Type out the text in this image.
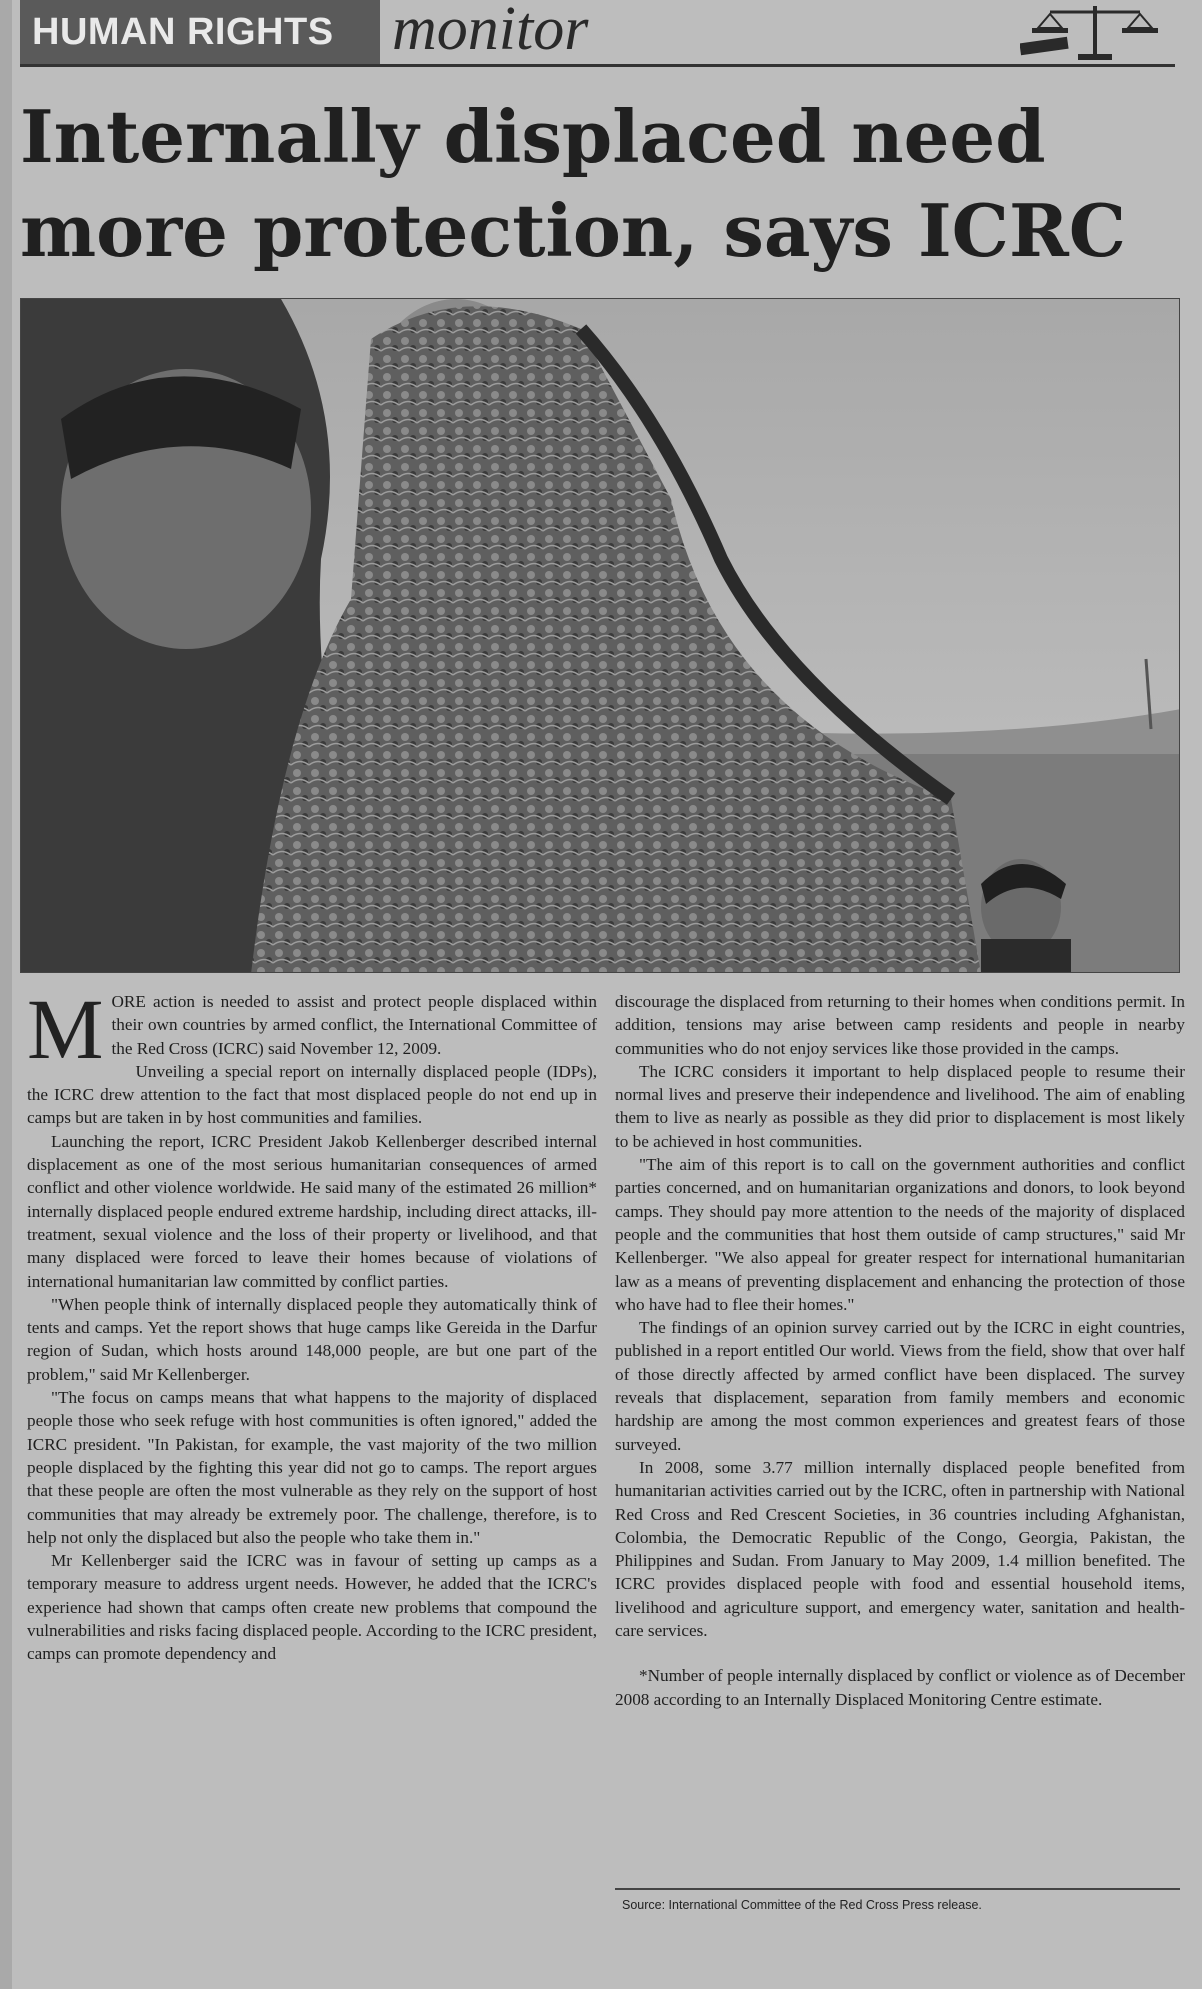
HUMAN RIGHTS monitor
Internally displaced need more protection, says ICRC

MORE action is needed to assist and protect people displaced within their own countries by armed conflict, the International Committee of the Red Cross (ICRC) said November 12, 2009.

Unveiling a special report on internally displaced people (IDPs), the ICRC drew attention to the fact that most displaced people do not end up in camps but are taken in by host communities and families.

Launching the report, ICRC President Jakob Kellenberger described internal displacement as one of the most serious humanitarian consequences of armed conflict and other violence worldwide. He said many of the estimated 26 million* internally displaced people endured extreme hardship, including direct attacks, ill-treatment, sexual violence and the loss of their property or livelihood, and that many displaced were forced to leave their homes because of violations of international humanitarian law committed by conflict parties.

"When people think of internally displaced people they automatically think of tents and camps. Yet the report shows that huge camps like Gereida in the Darfur region of Sudan, which hosts around 148,000 people, are but one part of the problem," said Mr Kellenberger.

"The focus on camps means that what happens to the majority of displaced people those who seek refuge with host communities is often ignored," added the ICRC president. "In Pakistan, for example, the vast majority of the two million people displaced by the fighting this year did not go to camps. The report argues that these people are often the most vulnerable as they rely on the support of host communities that may already be extremely poor. The challenge, therefore, is to help not only the displaced but also the people who take them in."

Mr Kellenberger said the ICRC was in favour of setting up camps as a temporary measure to address urgent needs. However, he added that the ICRC's experience had shown that camps often create new problems that compound the vulnerabilities and risks facing displaced people. According to the ICRC president, camps can promote dependency and

discourage the displaced from returning to their homes when conditions permit. In addition, tensions may arise between camp residents and people in nearby communities who do not enjoy services like those provided in the camps.

The ICRC considers it important to help displaced people to resume their normal lives and preserve their independence and livelihood. The aim of enabling them to live as nearly as possible as they did prior to displacement is most likely to be achieved in host communities.

"The aim of this report is to call on the government authorities and conflict parties concerned, and on humanitarian organizations and donors, to look beyond camps. They should pay more attention to the needs of the majority of displaced people and the communities that host them outside of camp structures," said Mr Kellenberger. "We also appeal for greater respect for international humanitarian law as a means of preventing displacement and enhancing the protection of those who have had to flee their homes."

The findings of an opinion survey carried out by the ICRC in eight countries, published in a report entitled Our world. Views from the field, show that over half of those directly affected by armed conflict have been displaced. The survey reveals that displacement, separation from family members and economic hardship are among the most common experiences and greatest fears of those surveyed.

In 2008, some 3.77 million internally displaced people benefited from humanitarian activities carried out by the ICRC, often in partnership with National Red Cross and Red Crescent Societies, in 36 countries including Afghanistan, Colombia, the Democratic Republic of the Congo, Georgia, Pakistan, the Philippines and Sudan. From January to May 2009, 1.4 million benefited. The ICRC provides displaced people with food and essential household items, livelihood and agriculture support, and emergency water, sanitation and health-care services.

*Number of people internally displaced by conflict or violence as of December 2008 according to an Internally Displaced Monitoring Centre estimate.

Source: International Committee of the Red Cross Press release.
